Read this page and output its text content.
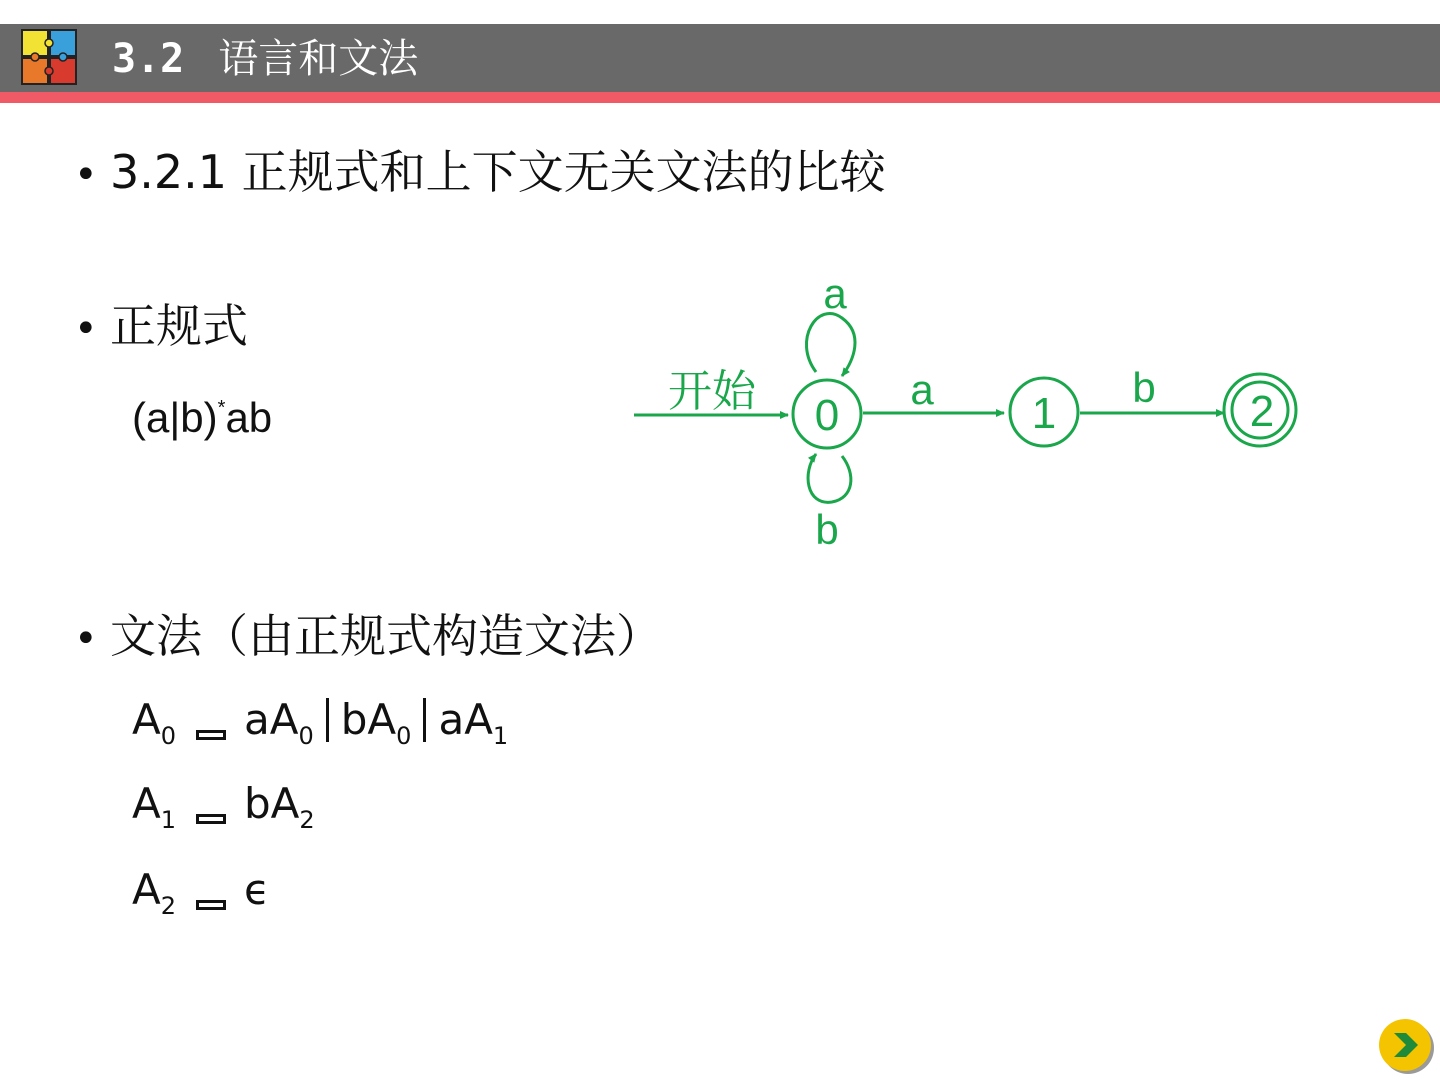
3.2 语言和文法
• 3.2.1 正规式和上下文无关文法的比较
• 正规式
(a|b)*ab
• 文法（由正规式构造文法）
$A_0$ $aA_0$ $bA_0$ $aA_1$
$A_1$ $bA_2$
$A_2$ ϵ
开始
a
b
0
a 1
b 2
